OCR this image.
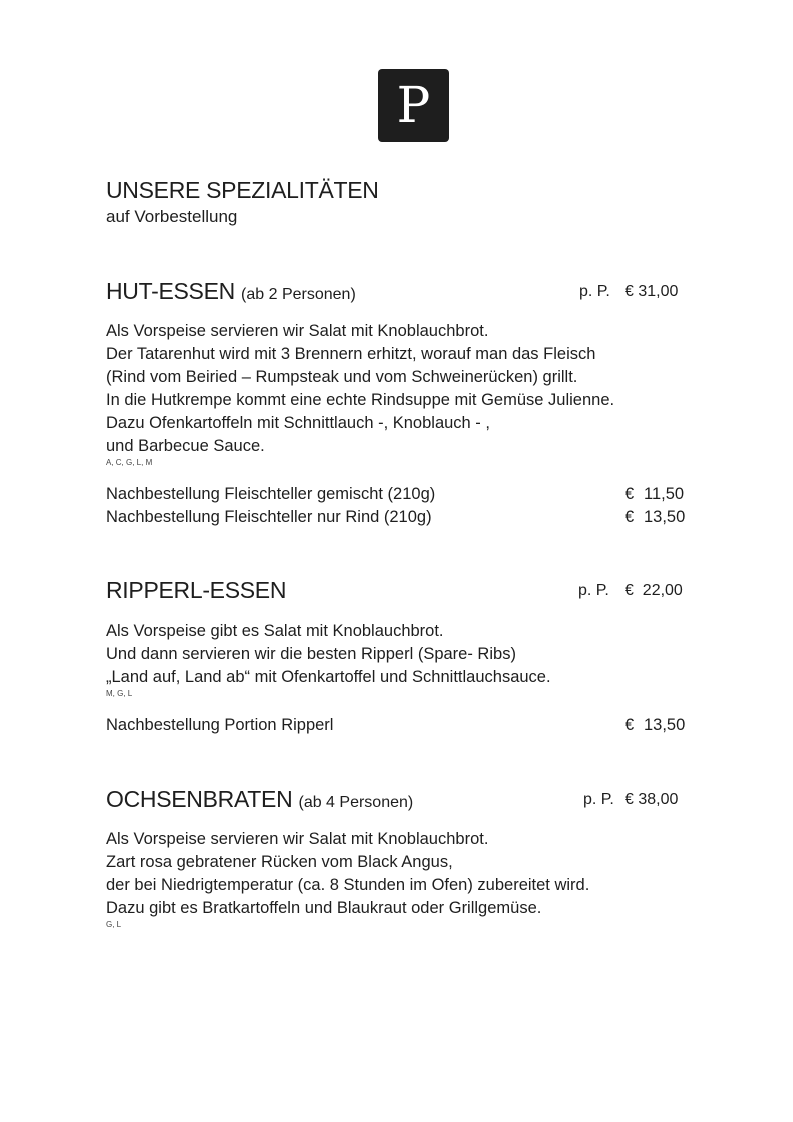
P
UNSERE SPEZIALITÄTEN
auf Vorbestellung
HUT-ESSEN (ab 2 Personen)	p. P. € 31,00
Als Vorspeise servieren wir Salat mit Knoblauchbrot.
Der Tatarenhut wird mit 3 Brennern erhitzt, worauf man das Fleisch
(Rind vom Beiried – Rumpsteak und vom Schweinerücken) grillt.
In die Hutkrempe kommt eine echte Rindsuppe mit Gemüse Julienne.
Dazu Ofenkartoffeln mit Schnittlauch -, Knoblauch - ,
und Barbecue Sauce.
A, C, G, L, M
Nachbestellung Fleischteller gemischt (210g)	€ 11,50
Nachbestellung Fleischteller nur Rind (210g)	€ 13,50
RIPPERL-ESSEN	p. P. €  22,00
Als Vorspeise gibt es Salat mit Knoblauchbrot.
Und dann servieren wir die besten Ripperl (Spare- Ribs)
„Land auf, Land ab“ mit Ofenkartoffel und Schnittlauchsauce.
M, G, L
Nachbestellung Portion Ripperl	€ 13,50
OCHSENBRATEN (ab 4 Personen)	p. P. € 38,00
Als Vorspeise servieren wir Salat mit Knoblauchbrot.
Zart rosa gebratener Rücken vom Black Angus,
der bei Niedrigtemperatur (ca. 8 Stunden im Ofen) zubereitet wird.
Dazu gibt es Bratkartoffeln und Blaukraut oder Grillgemüse.
G, L
